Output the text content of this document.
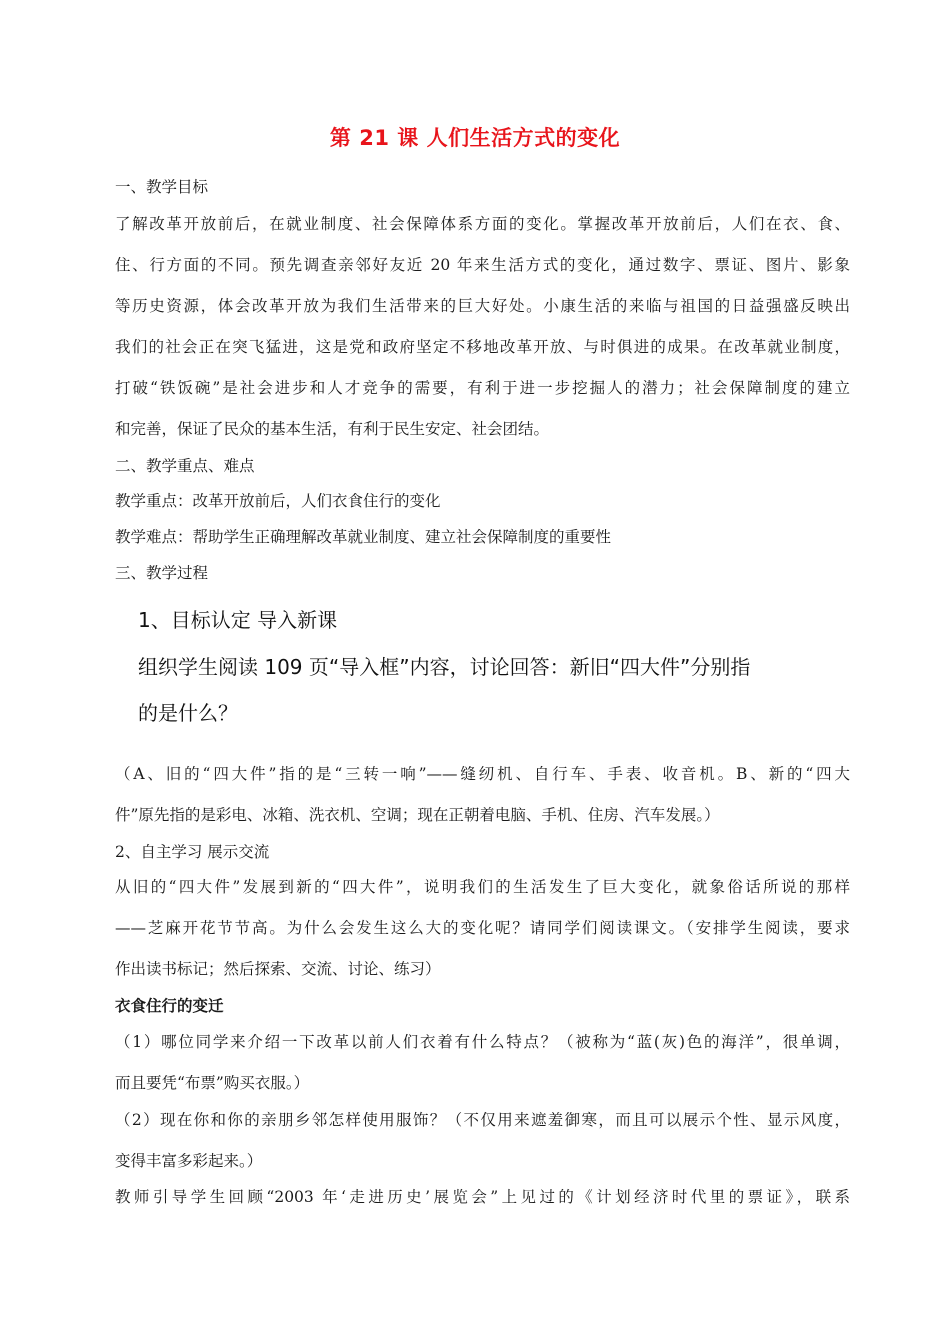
第 21 课 人们生活方式的变化
一、教学目标
了解改革开放前后，在就业制度、社会保障体系方面的变化。掌握改革开放前后，人们在衣、食、
住、行方面的不同。预先调查亲邻好友近 20 年来生活方式的变化，通过数字、票证、图片、影象
等历史资源，体会改革开放为我们生活带来的巨大好处。小康生活的来临与祖国的日益强盛反映出
我们的社会正在突飞猛进，这是党和政府坚定不移地改革开放、与时俱进的成果。在改革就业制度，
打破“铁饭碗”是社会进步和人才竞争的需要，有利于进一步挖掘人的潜力；社会保障制度的建立
和完善，保证了民众的基本生活，有利于民生安定、社会团结。
二、教学重点、难点
教学重点：改革开放前后，人们衣食住行的变化
教学难点：帮助学生正确理解改革就业制度、建立社会保障制度的重要性
三、教学过程
1、目标认定 导入新课
组织学生阅读 109 页“导入框”内容，讨论回答：新旧“四大件”分别指
的是什么？
（A、旧的“四大件”指的是“三转一响”——缝纫机、自行车、手表、收音机。B、新的“四大
件”原先指的是彩电、冰箱、洗衣机、空调；现在正朝着电脑、手机、住房、汽车发展。）
2、自主学习 展示交流
从旧的“四大件”发展到新的“四大件”，说明我们的生活发生了巨大变化，就象俗话所说的那样
——芝麻开花节节高。为什么会发生这么大的变化呢？请同学们阅读课文。（安排学生阅读，要求
作出读书标记；然后探索、交流、讨论、练习）
衣食住行的变迁
（1）哪位同学来介绍一下改革以前人们衣着有什么特点？（被称为“蓝(灰)色的海洋”，很单调，
而且要凭“布票”购买衣服。）
（2）现在你和你的亲朋乡邻怎样使用服饰？（不仅用来遮羞御寒，而且可以展示个性、显示风度，
变得丰富多彩起来。）
教师引导学生回顾“2003 年‘走进历史’展览会”上见过的《计划经济时代里的票证》，联系
